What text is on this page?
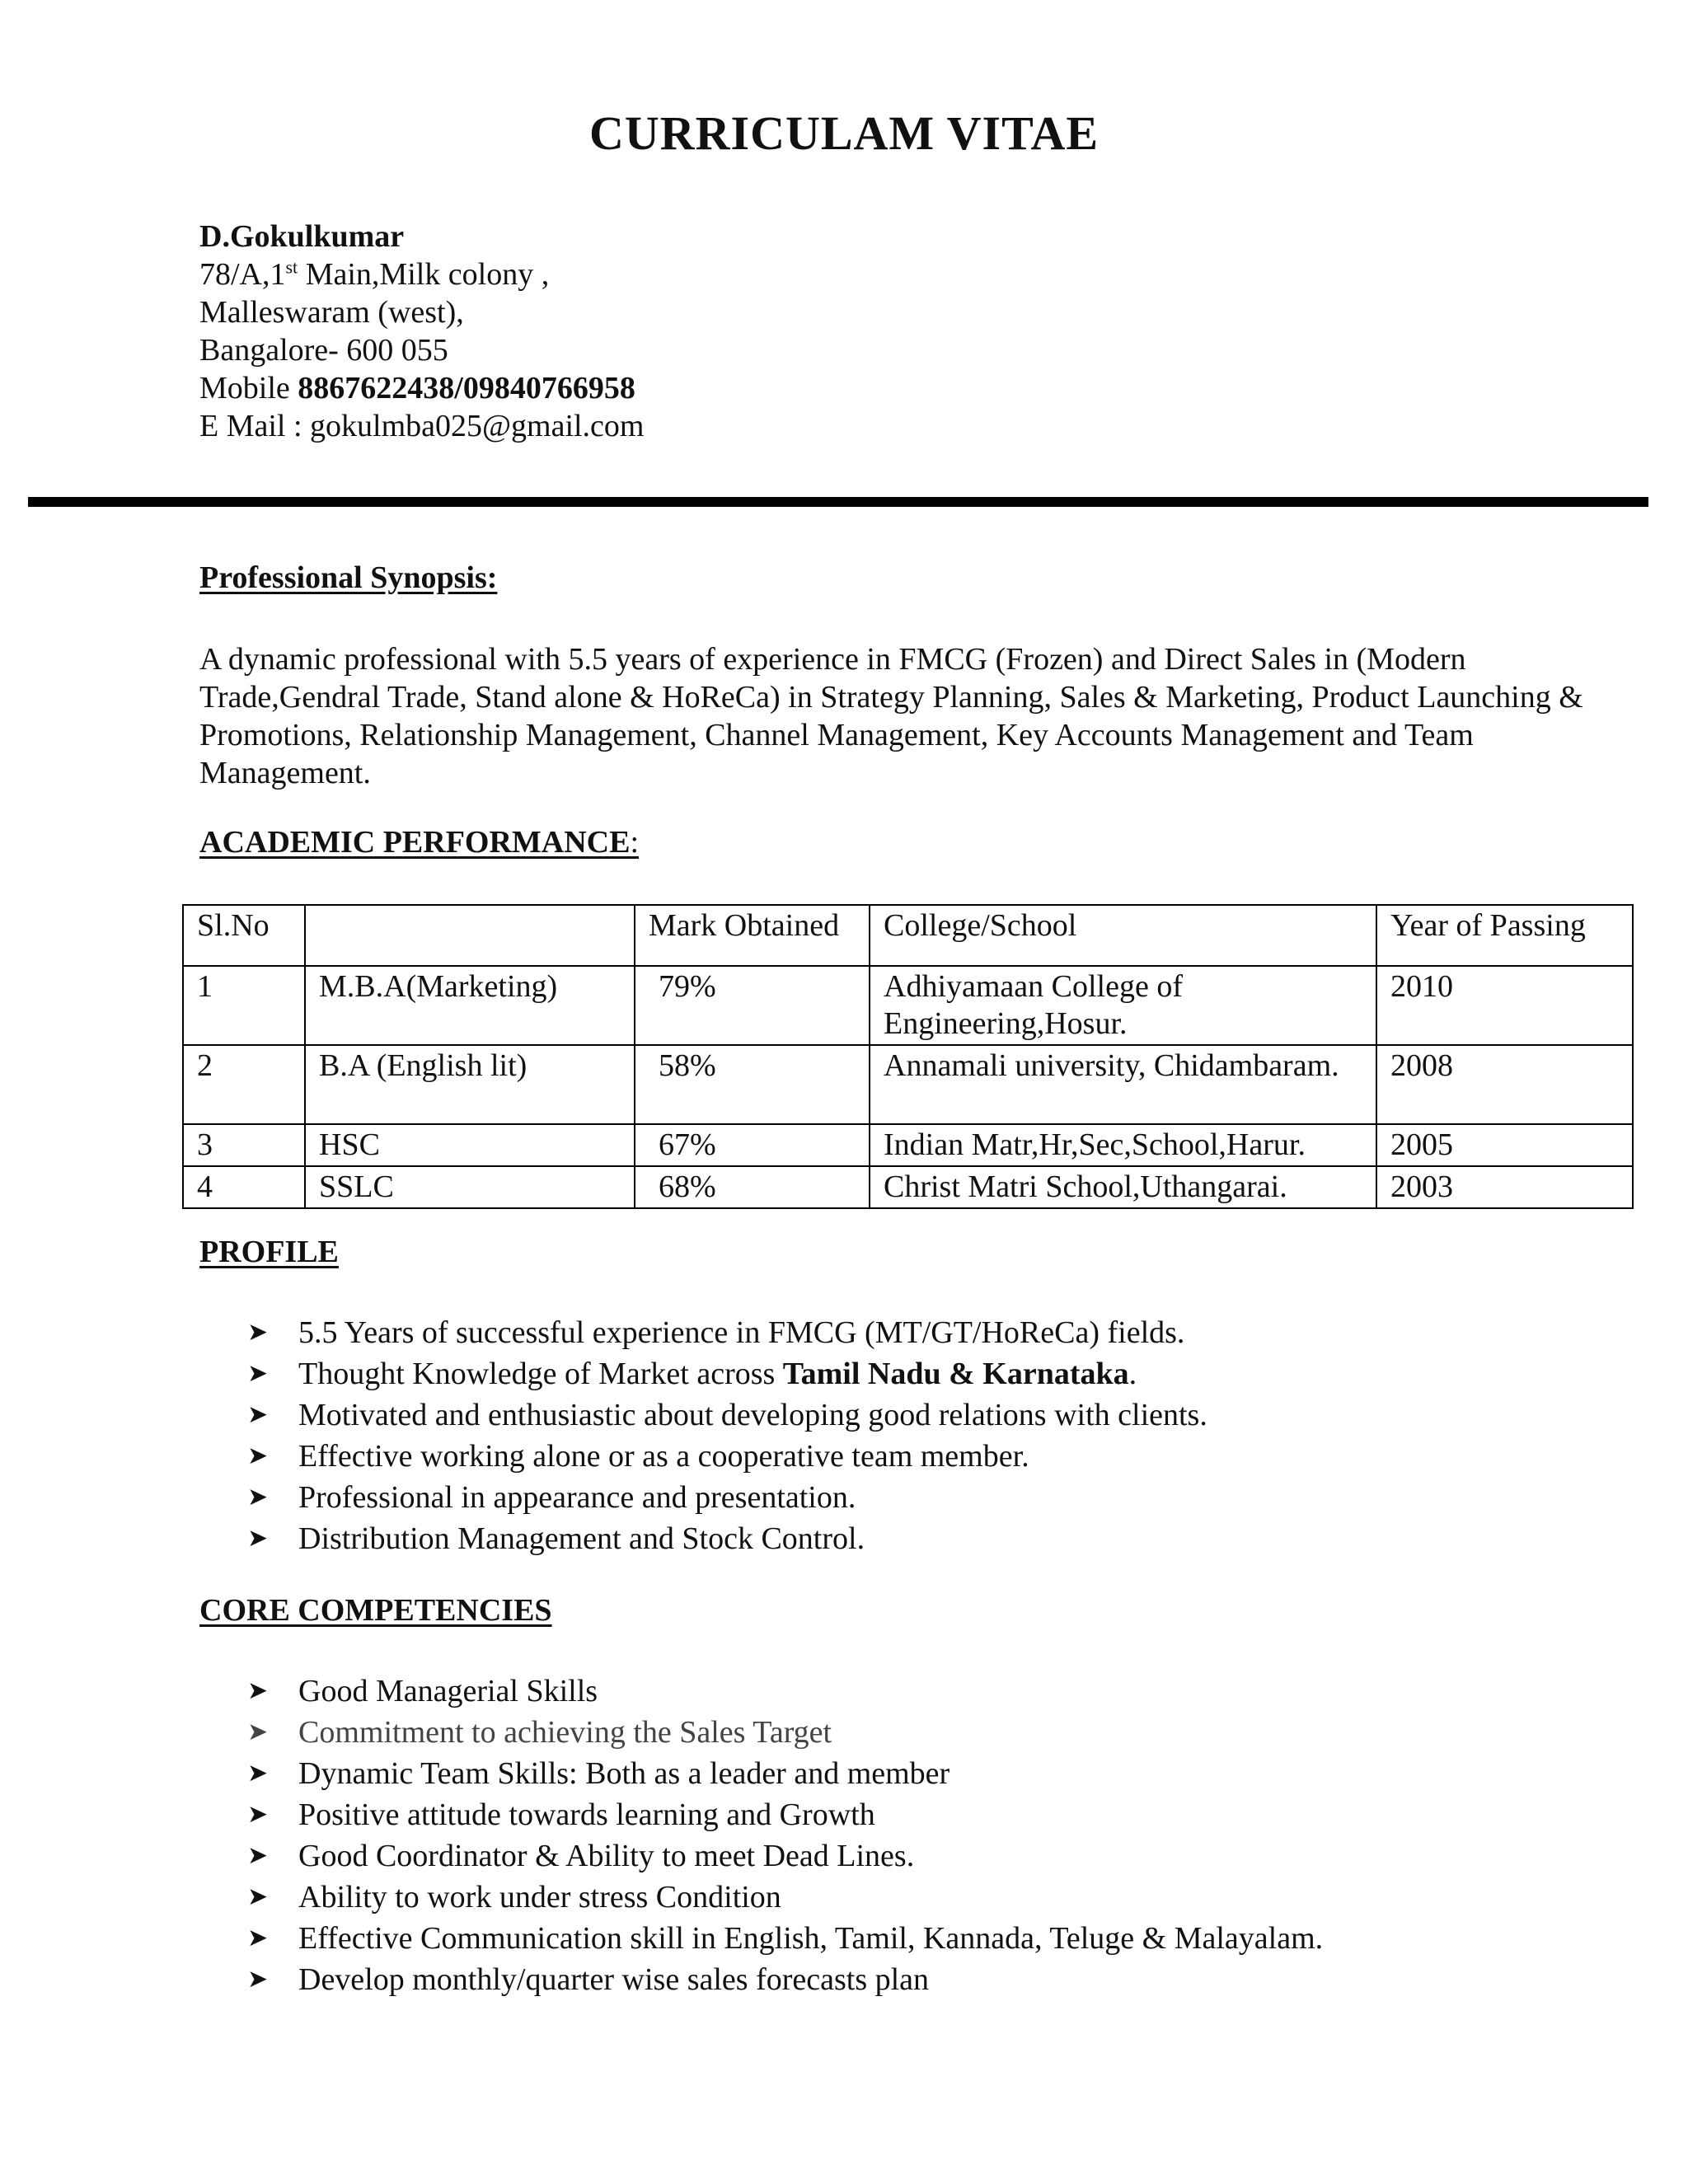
CURRICULAM VITAE
D.Gokulkumar
78/A,1st Main,Milk colony ,
Malleswaram (west),
Bangalore- 600 055
Mobile 8867622438/09840766958
E Mail : gokulmba025@gmail.com
Professional Synopsis:

A dynamic professional with 5.5 years of experience in FMCG (Frozen) and Direct Sales in (Modern Trade,Gendral Trade, Stand alone & HoReCa) in Strategy Planning, Sales & Marketing, Product Launching & Promotions, Relationship Management, Channel Management, Key Accounts Management and Team Management.

ACADEMIC PERFORMANCE:
Sl.No		Mark Obtained	College/School	Year of Passing
1	M.B.A(Marketing)	79%	Adhiyamaan College of Engineering,Hosur.	2010
2	B.A (English lit)	58%	Annamali university, Chidambaram.	2008
3	HSC	67%	Indian Matr,Hr,Sec,School,Harur.	2005
4	SSLC	68%	Christ Matri School,Uthangarai.	2003
PROFILE
➤ 5.5 Years of successful experience in FMCG (MT/GT/HoReCa) fields.
➤ Thought Knowledge of Market across Tamil Nadu & Karnataka.
➤ Motivated and enthusiastic about developing good relations with clients.
➤ Effective working alone or as a cooperative team member.
➤ Professional in appearance and presentation.
➤ Distribution Management and Stock Control.
CORE COMPETENCIES
➤ Good Managerial Skills
➤ Commitment to achieving the Sales Target
➤ Dynamic Team Skills: Both as a leader and member
➤ Positive attitude towards learning and Growth
➤ Good Coordinator & Ability to meet Dead Lines.
➤ Ability to work under stress Condition
➤ Effective Communication skill in English, Tamil, Kannada, Teluge & Malayalam.
➤ Develop monthly/quarter wise sales forecasts plan
